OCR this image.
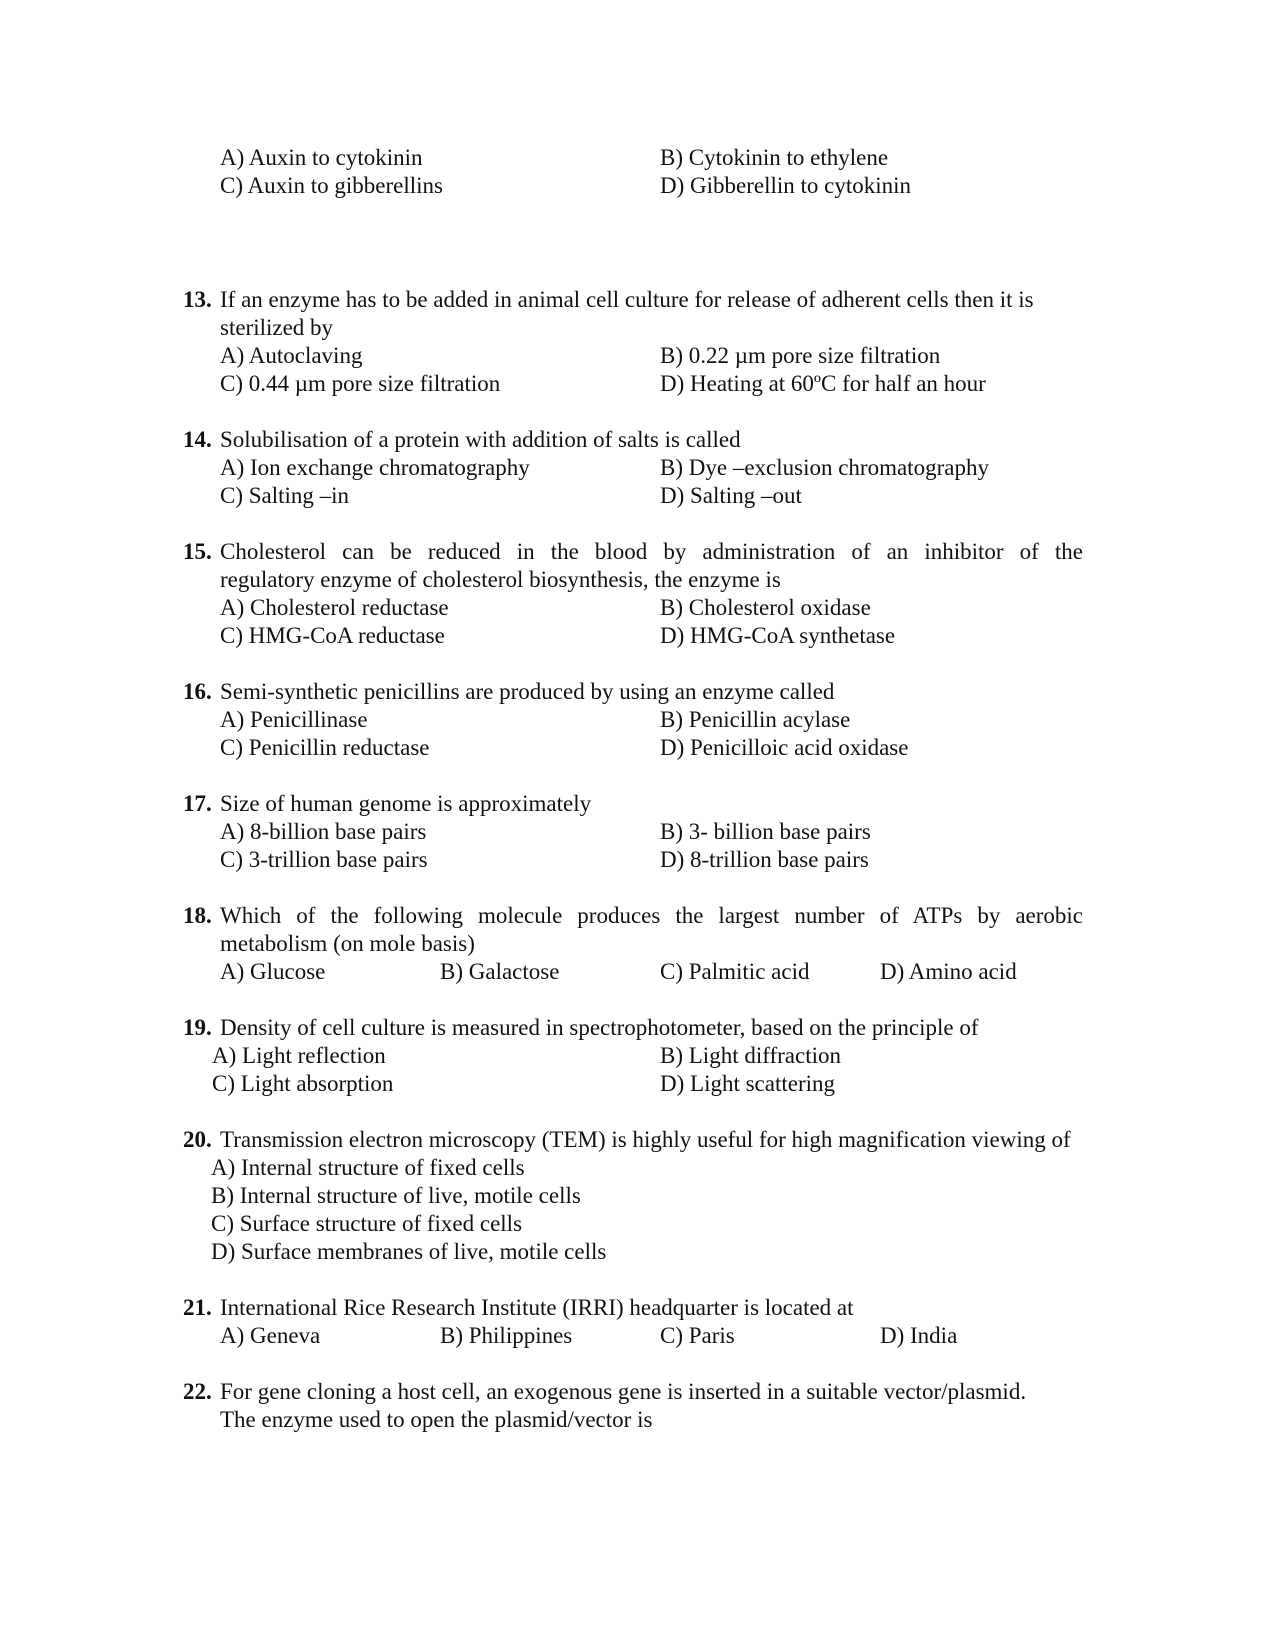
A) Auxin to cytokinin	B) Cytokinin to ethylene
C) Auxin to gibberellins	D) Gibberellin to cytokinin
13. If an enzyme has to be added in animal cell culture for release of adherent cells then it is
sterilized by
A) Autoclaving	B) 0.22 µm pore size filtration
C) 0.44 µm pore size filtration	D) Heating at 60ºC for half an hour
14. Solubilisation of a protein with addition of salts is called
A) Ion exchange chromatography	B) Dye –exclusion chromatography
C) Salting –in	D) Salting –out
15. Cholesterol can be reduced in the blood by administration of an inhibitor of the
regulatory enzyme of cholesterol biosynthesis, the enzyme is
A) Cholesterol reductase	B) Cholesterol oxidase
C) HMG-CoA reductase	D) HMG-CoA synthetase
16. Semi-synthetic penicillins are produced by using an enzyme called
A) Penicillinase	B) Penicillin acylase
C) Penicillin reductase	D) Penicilloic acid oxidase
17. Size of human genome is approximately
A) 8-billion base pairs	B) 3- billion base pairs
C) 3-trillion base pairs	D) 8-trillion base pairs
18. Which of the following molecule produces the largest number of ATPs by aerobic
metabolism (on mole basis)
A) Glucose	B) Galactose	C) Palmitic acid	D) Amino acid
19. Density of cell culture is measured in spectrophotometer, based on the principle of
A) Light reflection	B) Light diffraction
C) Light absorption	D) Light scattering
20. Transmission electron microscopy (TEM) is highly useful for high magnification viewing of
A) Internal structure of fixed cells
B) Internal structure of live, motile cells
C) Surface structure of fixed cells
D) Surface membranes of live, motile cells
21. International Rice Research Institute (IRRI) headquarter is located at
A) Geneva	B) Philippines	C) Paris	D) India
22. For gene cloning a host cell, an exogenous gene is inserted in a suitable vector/plasmid.
The enzyme used to open the plasmid/vector is
